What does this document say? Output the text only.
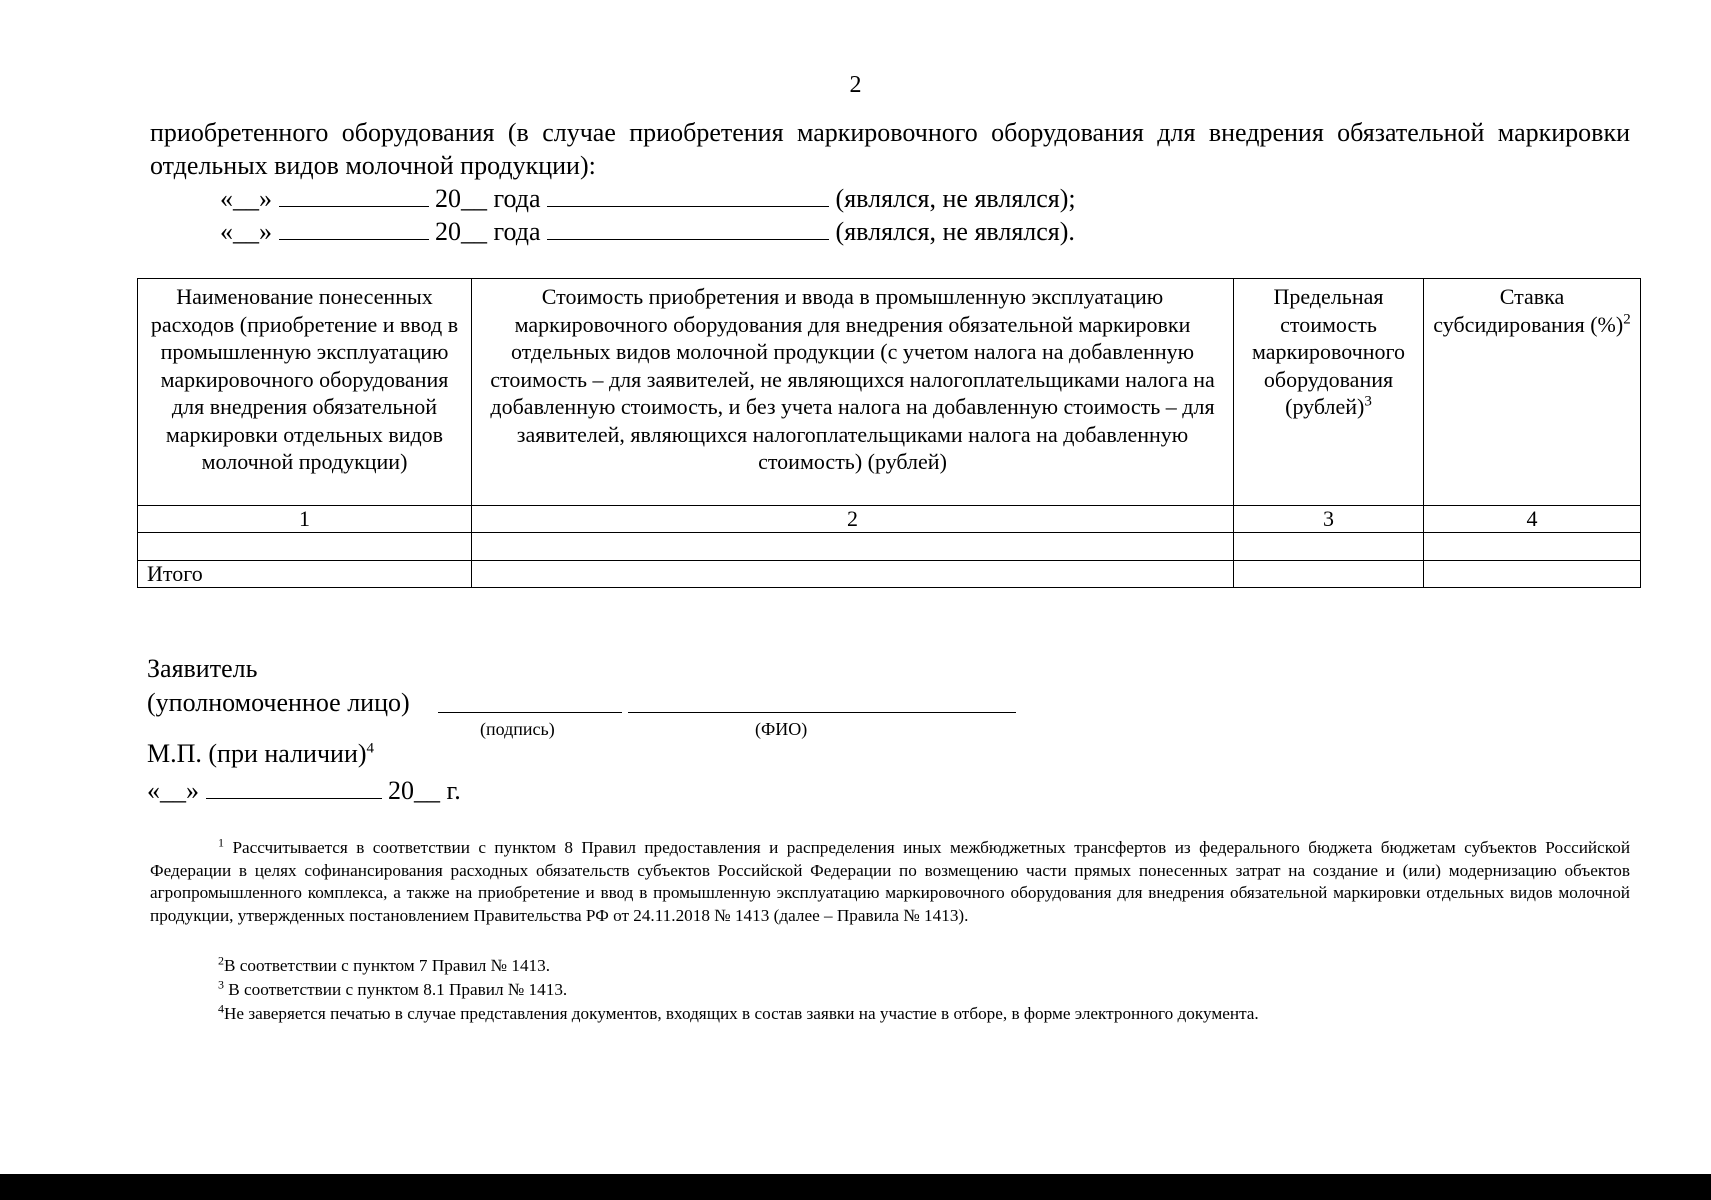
2
приобретенного оборудования (в случае приобретения маркировочного оборудования для внедрения обязательной маркировки отдельных видов молочной продукции):
«__»	20__ года	(являлся, не являлся);
«__»	20__ года	(являлся, не являлся).
Наименование понесенных расходов (приобретение и ввод в промышленную эксплуатацию маркировочного оборудования для внедрения обязательной маркировки отдельных видов молочной продукции)	Стоимость приобретения и ввода в промышленную эксплуатацию маркировочного оборудования для внедрения обязательной маркировки отдельных видов молочной продукции (с учетом налога на добавленную стоимость – для заявителей, не являющихся налогоплательщиками налога на добавленную стоимость, и без учета налога на добавленную стоимость – для заявителей, являющихся налогоплательщиками налога на добавленную стоимость) (рублей)	Предельная стоимость маркировочного оборудования (рублей)$^3$	Ставка субсидирования (%)$^2$
1	2	3	4

Итого			
Заявитель
(уполномоченное лицо)
(подпись)	(ФИО)
М.П. (при наличии)$^4$
«__»	20__ г.
$^1$ Рассчитывается в соответствии с пунктом 8 Правил предоставления и распределения иных межбюджетных трансфертов из федерального бюджета бюджетам субъектов Российской Федерации в целях софинансирования расходных обязательств субъектов Российской Федерации по возмещению части прямых понесенных затрат на создание и (или) модернизацию объектов агропромышленного комплекса, а также на приобретение и ввод в промышленную эксплуатацию маркировочного оборудования для внедрения обязательной маркировки отдельных видов молочной продукции, утвержденных постановлением Правительства РФ от 24.11.2018 № 1413 (далее – Правила № 1413).
$^2$В соответствии с пунктом 7 Правил № 1413.
$^3$ В соответствии с пунктом 8.1 Правил № 1413.
$^4$Не заверяется печатью в случае представления документов, входящих в состав заявки на участие в отборе, в форме электронного документа.
